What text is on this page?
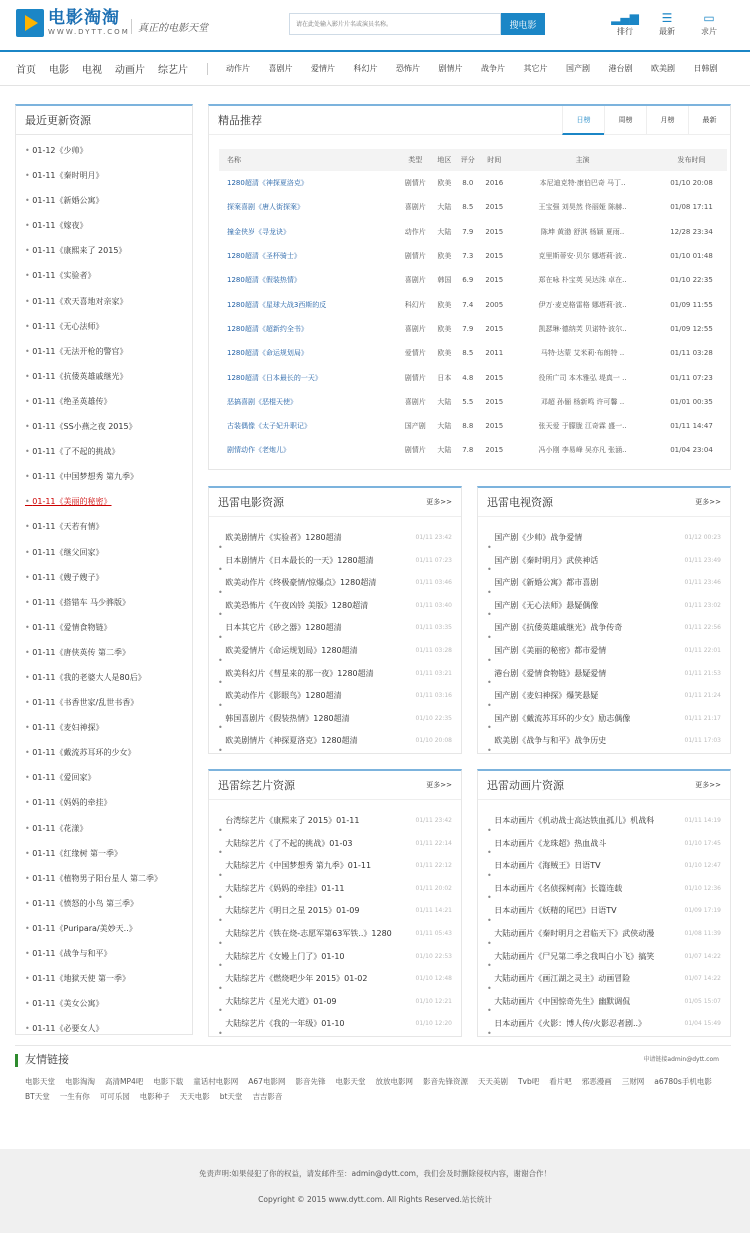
电影淘淘
WWW.DYTT.COM 真正的电影天堂
请在此处输入影片片名或演员名称。	搜电影
▂▄▆
排行
☰
最新
▭
求片
首页 电影 电视 动画片 综艺片	动作片 喜剧片 爱情片 科幻片 恐怖片 剧情片 战争片 其它片 国产剧 港台剧 欧美剧 日韩剧
最近更新资源
• 01-12《少帅》
• 01-11《秦时明月》
• 01-11《新婚公寓》
• 01-11《嫁夜》
• 01-11《康熙来了 2015》
• 01-11《实验者》
• 01-11《欢天喜地对亲家》
• 01-11《无心法师》
• 01-11《无法开枪的警官》
• 01-11《抗倭英雄戚继光》
• 01-11《绝圣英雄传》
• 01-11《SS小燕之夜 2015》
• 01-11《了不起的挑战》
• 01-11《中国梦想秀 第九季》
• 01-11《美丽的秘密》
• 01-11《天若有情》
• 01-11《继父回家》
• 01-11《嫂子嫂子》
• 01-11《搭错车 马少骅版》
• 01-11《爱情食物链》
• 01-11《唐侠英传 第二季》
• 01-11《我的老婆大人是80后》
• 01-11《书香世家/乱世书香》
• 01-11《麦妇神探》
• 01-11《戴流苏耳环的少女》
• 01-11《爱回家》
• 01-11《妈妈的牵挂》
• 01-11《花漾》
• 01-11《红缘树 第一季》
• 01-11《植物男子阳台星人 第二季》
• 01-11《愤怒的小鸟 第三季》
• 01-11《Puripara/美妙天..》
• 01-11《战争与和平》
• 01-11《地狱天使 第一季》
• 01-11《美女公寓》
• 01-11《必要女人》
精品推荐	日榜	周榜	月榜	最新
名称	类型	地区	评分	时间	主演	发布时间
1280超清《神探夏洛克》	剧情片	欧美	8.0	2016	本尼迪克特·康伯巴奇 马丁..	01/10 20:08
探案喜剧《唐人街探案》	喜剧片	大陆	8.5	2015	王宝强 刘昊然 佟丽娅 陈赫..	01/08 17:11
撞金侠岁《寻龙诀》	动作片	大陆	7.9	2015	陈坤 黄渤 舒淇 杨颖 夏雨..	12/28 23:34
1280超清《圣杯骑士》	剧情片	欧美	7.3	2015	克里斯蒂安·贝尔 娜塔莉·波..	01/10 01:48
1280超清《假装热情》	喜剧片	韩国	6.9	2015	郑在咏 朴宝英 吴达洙 卓在..	01/10 22:35
1280超清《星球大战3西斯的反	科幻片	欧美	7.4	2005	伊万·麦克格雷格 娜塔莉·波..	01/09 11:55
1280超清《超新约全书》	喜剧片	欧美	7.9	2015	凯瑟琳·德纳芙 贝诺特·波尔..	01/09 12:55
1280超清《命运规划局》	爱情片	欧美	8.5	2011	马特·达蒙 艾米莉·布朗特 ..	01/11 03:28
1280超清《日本最长的一天》	剧情片	日本	4.8	2015	役所广司 本木雅弘 堤真一 ..	01/11 07:23
恶搞喜剧《恶棍天使》	喜剧片	大陆	5.5	2015	邓超 孙俪 杨新鸣 许可馨 ..	01/01 00:35
古装偶像《太子妃升职记》	国产剧	大陆	8.8	2015	张天爱 于朦胧 江奇霖 盛一..	01/11 14:47
剧情动作《老炮儿》	剧情片	大陆	7.8	2015	冯小刚 李易峰 吴亦凡 张涵..	01/04 23:04
迅雷电影资源	更多>>
• 欧美剧情片《实验者》1280超清	01/11 23:42
• 日本剧情片《日本最长的一天》1280超清	01/11 07:23
• 欧美动作片《终极豪情/惊爆点》1280超清	01/11 03:46
• 欧美恐怖片《午夜凶铃 美版》1280超清	01/11 03:40
• 日本其它片《砂之器》1280超清	01/11 03:35
• 欧美爱情片《命运规划局》1280超清	01/11 03:28
• 欧美科幻片《彗星来的那一夜》1280超清	01/11 03:21
• 欧美动作片《影眼鸟》1280超清	01/11 03:16
• 韩国喜剧片《假装热情》1280超清	01/10 22:35
• 欧美剧情片《神探夏洛克》1280超清	01/10 20:08
迅雷电视资源	更多>>
• 国产剧《少帅》战争爱情	01/12 00:23
• 国产剧《秦时明月》武侠神话	01/11 23:49
• 国产剧《新婚公寓》都市喜剧	01/11 23:46
• 国产剧《无心法师》悬疑偶像	01/11 23:02
• 国产剧《抗倭英雄戚继光》战争传奇	01/11 22:56
• 国产剧《美丽的秘密》都市爱情	01/11 22:01
• 港台剧《爱情食物链》悬疑爱情	01/11 21:53
• 国产剧《麦妇神探》爆笑悬疑	01/11 21:24
• 国产剧《戴流苏耳环的少女》励志偶像	01/11 21:17
• 欧美剧《战争与和平》战争历史	01/11 17:03
迅雷综艺片资源	更多>>
• 台湾综艺片《康熙来了 2015》01-11	01/11 23:42
• 大陆综艺片《了不起的挑战》01-03	01/11 22:14
• 大陆综艺片《中国梦想秀 第九季》01-11	01/11 22:12
• 大陆综艺片《妈妈的牵挂》01-11	01/11 20:02
• 大陆综艺片《明日之星 2015》01-09	01/11 14:21
• 大陆综艺片《铁在烧-志愿军第63军铁..》1280	01/11 05:43
• 大陆综艺片《女嫚上门了》01-10	01/10 22:53
• 大陆综艺片《燃烧吧少年 2015》01-02	01/10 12:48
• 大陆综艺片《星光大道》01-09	01/10 12:21
• 大陆综艺片《我的一年级》01-10	01/10 12:20
迅雷动画片资源	更多>>
• 日本动画片《机动战士高达铁血孤儿》机战科	01/11 14:19
• 日本动画片《龙珠超》热血战斗	01/10 17:45
• 日本动画片《海贼王》日语TV	01/10 12:47
• 日本动画片《名侦探柯南》长篇连载	01/10 12:36
• 日本动画片《妖精的尾巴》日语TV	01/09 17:19
• 大陆动画片《秦时明月之君临天下》武侠动漫	01/08 11:39
• 大陆动画片《尸兄第二季之我叫白小飞》搞笑	01/07 14:22
• 大陆动画片《画江湖之灵主》动画冒险	01/07 14:22
• 大陆动画片《中国惊奇先生》幽默调侃	01/05 15:07
• 日本动画片《火影：博人传/火影忍者剧..》	01/04 15:49
友情链接	申请链接admin@dytt.com
电影天堂 电影淘淘 高清MP4吧 电影下载 童话村电影网 A67电影网 影音先锋 电影天堂 放放电影网 影音先锋资源 天天美剧 Tvb吧 看片吧 邪恶漫画 三财网 a6780s手机电影BT天堂 一生有你 可可乐园 电影种子 天天电影 bt天堂 吉吉影音
免责声明:如果侵犯了你的权益，请发邮件至：admin@dytt.com，我们会及时删除侵权内容，谢谢合作！
Copyright © 2015 www.dytt.com. All Rights Reserved.站长统计
